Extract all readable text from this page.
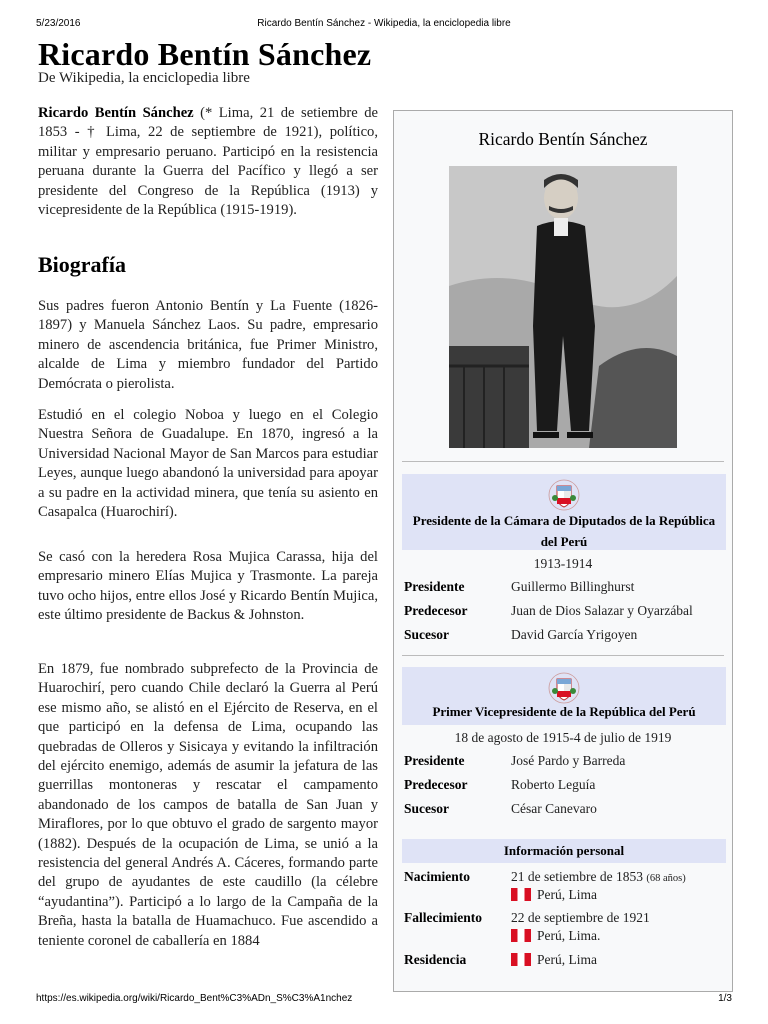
5/23/2016	Ricardo Bentín Sánchez - Wikipedia, la enciclopedia libre
Ricardo Bentín Sánchez
De Wikipedia, la enciclopedia libre

Ricardo Bentín Sánchez (* Lima, 21 de setiembre de 1853 - † Lima, 22 de septiembre de 1921), político, militar y empresario peruano. Participó en la resistencia peruana durante la Guerra del Pacífico y llegó a ser presidente del Congreso de la República (1913) y vicepresidente de la República (1915-1919).

Biografía

Sus padres fueron Antonio Bentín y La Fuente (1826-1897) y Manuela Sánchez Laos. Su padre, empresario minero de ascendencia británica, fue Primer Ministro, alcalde de Lima y miembro fundador del Partido Demócrata o pierolista.

Estudió en el colegio Noboa y luego en el Colegio Nuestra Señora de Guadalupe. En 1870, ingresó a la Universidad Nacional Mayor de San Marcos para estudiar Leyes, aunque luego abandonó la universidad para apoyar a su padre en la actividad minera, que tenía su asiento en Casapalca (Huarochirí).

Se casó con la heredera Rosa Mujica Carassa, hija del empresario minero Elías Mujica y Trasmonte. La pareja tuvo ocho hijos, entre ellos José y Ricardo Bentín Mujica, este último presidente de Backus & Johnston.

En 1879, fue nombrado subprefecto de la Provincia de Huarochirí, pero cuando Chile declaró la Guerra al Perú ese mismo año, se alistó en el Ejército de Reserva, en el que participó en la defensa de Lima, ocupando las quebradas de Olleros y Sisicaya y evitando la infiltración del ejército enemigo, además de asumir la jefatura de las guerrillas montoneras y rescatar el campamento abandonado de los campos de batalla de San Juan y Miraflores, por lo que obtuvo el grado de sargento mayor (1882). Después de la ocupación de Lima, se unió a la resistencia del general Andrés A. Cáceres, formando parte del grupo de ayudantes de este caudillo (la célebre “ayudantina”). Participó a lo largo de la Campaña de la Breña, hasta la batalla de Huamachuco. Fue ascendido a teniente coronel de caballería en 1884

Ricardo Bentín Sánchez
Presidente de la Cámara de Diputados de la República del Perú
1913-1914
Presidente	Guillermo Billinghurst
Predecesor	Juan de Dios Salazar y Oyarzábal
Sucesor	David García Yrigoyen
Primer Vicepresidente de la República del Perú
18 de agosto de 1915-4 de julio de 1919
Presidente	José Pardo y Barreda
Predecesor	Roberto Leguía
Sucesor	César Canevaro
Información personal
Nacimiento	21 de setiembre de 1853 (68 años)
Perú, Lima
Fallecimiento 22 de septiembre de 1921
Perú, Lima.
Residencia	Perú, Lima
https://es.wikipedia.org/wiki/Ricardo_Bent%C3%ADn_S%C3%A1nchez	1/3
